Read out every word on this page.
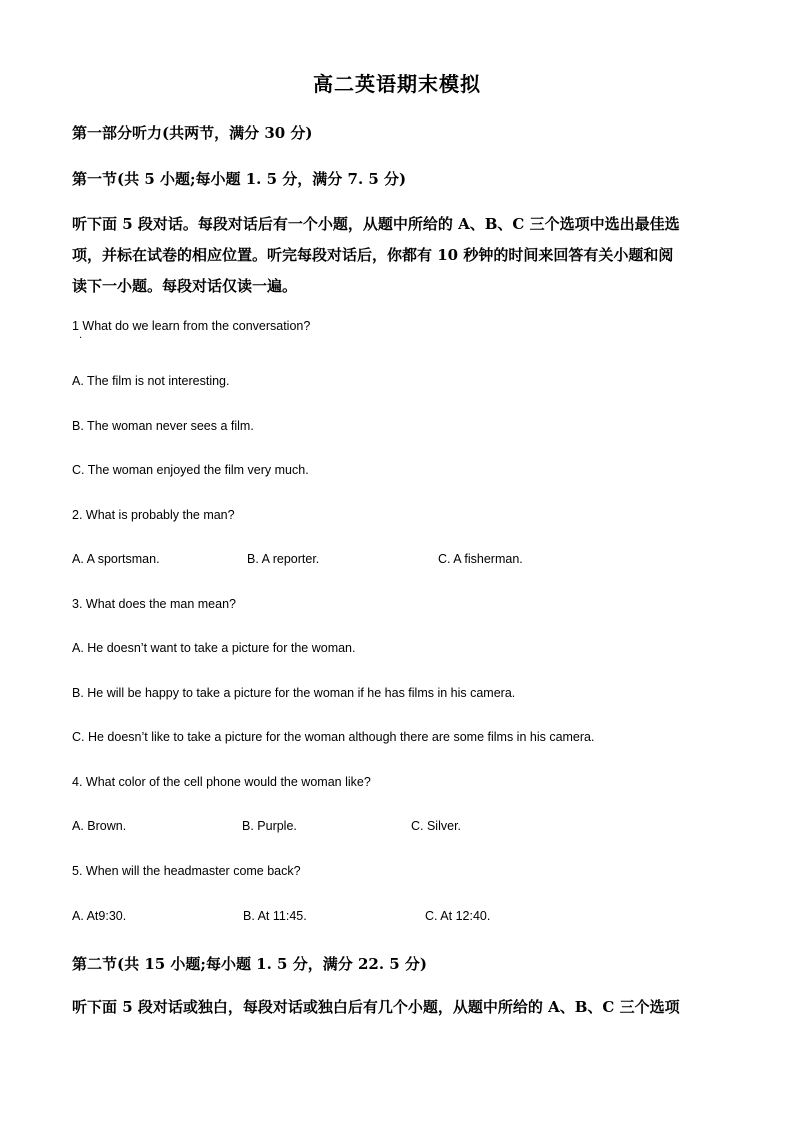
高二英语期末模拟
第一部分听力(共两节，满分 30 分)
第一节(共 5 小题;每小题 1. 5 分，满分 7. 5 分)

听下面 5 段对话。每段对话后有一个小题，从题中所给的 A、B、C 三个选项中选出最佳选

项，并标在试卷的相应位置。听完每段对话后，你都有 10 秒钟的时间来回答有关小题和阅

读下一小题。每段对话仅读一遍。

1 What do we learn from the conversation?
·
A. The film is not interesting.
B. The woman never sees a film.
C. The woman enjoyed the film very much.
2. What is probably the man?
A. A sportsman.	B. A reporter.	C. A fisherman.
3. What does the man mean?
A. He doesn’t want to take a picture for the woman.
B. He will be happy to take a picture for the woman if he has films in his camera.
C. He doesn’t like to take a picture for the woman although there are some films in his camera.
4. What color of the cell phone would the woman like?
A. Brown.	B. Purple.	C. Silver.
5. When will the headmaster come back?
A. At9:30.	B. At 11:45.	C. At 12:40.
第二节(共 15 小题;每小题 1. 5 分，满分 22. 5 分)
听下面 5 段对话或独白，每段对话或独白后有几个小题，从题中所给的 A、B、C 三个选项
